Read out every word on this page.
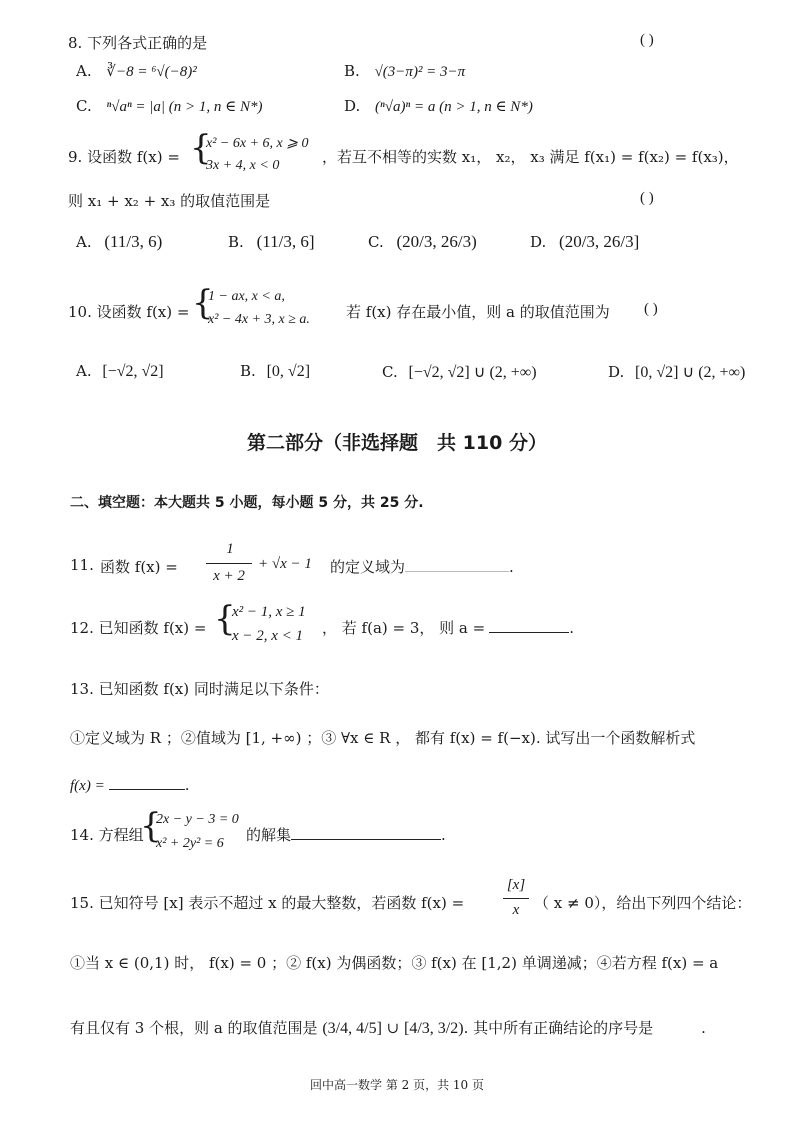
8. 下列各式正确的是	( )
A. ∛−8 = ⁶√(−8)²	B. √(3−π)² = 3−π
C. ⁿ√aⁿ = |a| (n > 1, n ∈ N*)	D. (ⁿ√a)ⁿ = a (n > 1, n ∈ N*)
9. 设函数 f(x) = {
x² − 6x + 6, x ⩾ 0
3x + 4, x < 0	，若互不相等的实数 x₁， x₂， x₃ 满足 f(x₁) = f(x₂) = f(x₃)，
则 x₁ + x₂ + x₃ 的取值范围是	( )
A. (11/3, 6)	B. (11/3, 6]	C. (20/3, 26/3)	D. (20/3, 26/3]
10. 设函数 f(x) = {
1 − ax, x < a,
x² − 4x + 3, x ≥ a. 若 f(x) 存在最小值，则 a 的取值范围为 ( )
A. [−√2, √2]	B. [0, √2]	C. [−√2, √2] ∪ (2, +∞)	D. [0, √2] ∪ (2, +∞)
第二部分（非选择题　共 110 分）
二、填空题：本大题共 5 小题，每小题 5 分，共 25 分.
11. 函数 f(x) =
1
x + 2
+ √x − 1 的定义域为	.
12. 已知函数 f(x) = {
x² − 1, x ≥ 1
x − 2, x < 1 ， 若 f(a) = 3， 则 a =	.
13. 已知函数 f(x) 同时满足以下条件：
①定义域为 R ；②值域为 [1, +∞) ；③ ∀x ∈ R ， 都有 f(x) = f(−x). 试写出一个函数解析式
f(x) =	.
14. 方程组
{
2x − y − 3 = 0
x² + 2y² = 6 的解集	.
15. 已知符号 [x] 表示不超过 x 的最大整数，若函数 f(x) =
[x]
x （ x ≠ 0），给出下列四个结论：
①当 x ∈ (0,1) 时， f(x) = 0 ；② f(x) 为偶函数；③ f(x) 在 [1,2) 单调递减；④若方程 f(x) = a
有且仅有 3 个根，则 a 的取值范围是 (3/4, 4/5] ∪ [4/3, 3/2). 其中所有正确结论的序号是	.
回中高一数学 第 2 页，共 10 页
